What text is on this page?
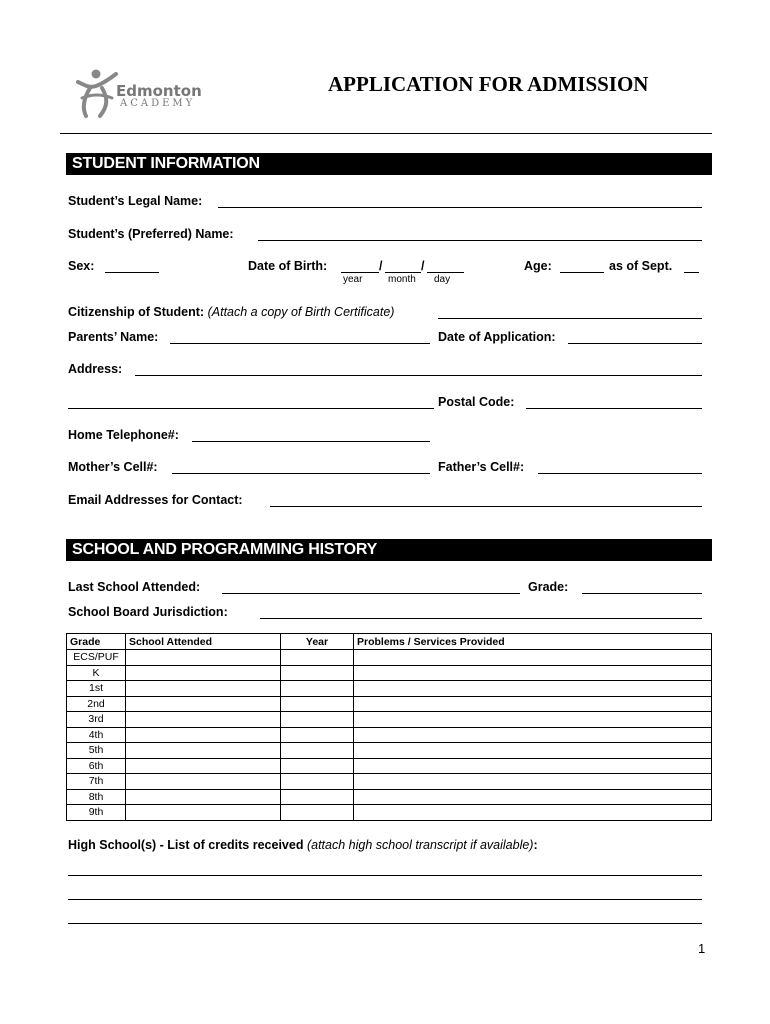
Edmonton
ACADEMY
APPLICATION FOR ADMISSION
STUDENT INFORMATION
Student’s Legal Name:
Student’s (Preferred) Name:
Sex:	Date of Birth:	/	/
year	month day
Age:	as of Sept.
Citizenship of Student: (Attach a copy of Birth Certificate)
Parents’ Name:	Date of Application:
Address:
Postal Code:
Home Telephone#:
Mother’s Cell#:	Father’s Cell#:
Email Addresses for Contact:
SCHOOL AND PROGRAMMING HISTORY
Last School Attended:	Grade:
School Board Jurisdiction:
Grade	School Attended	Year	Problems / Services Provided
ECS/PUF			
K			
1st			
2nd			
3rd			
4th			
5th			
6th			
7th			
8th			
9th			
High School(s) - List of credits received (attach high school transcript if available):
1
